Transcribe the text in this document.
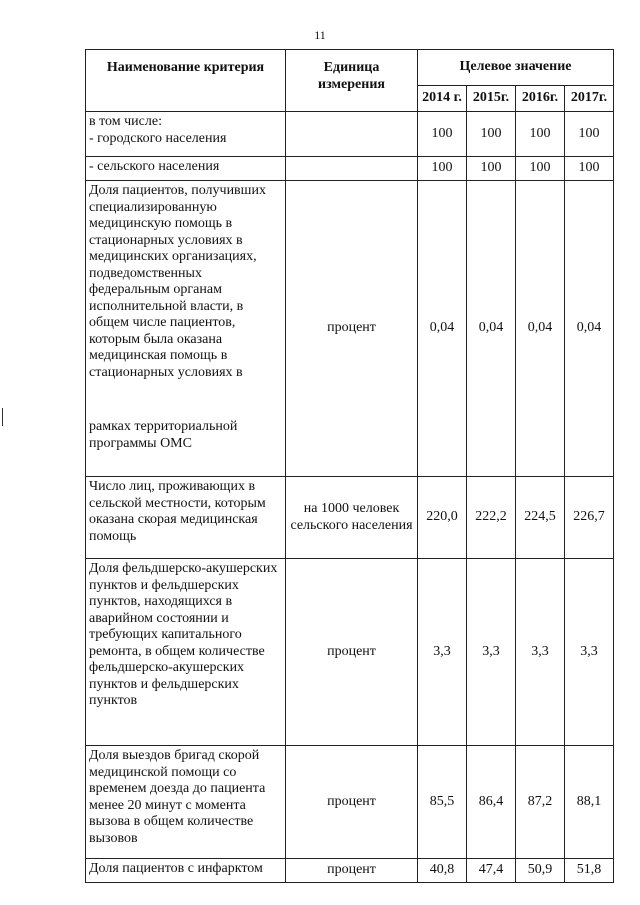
11
Наименование критерия	Единица измерения	Целевое значение			
		2014 г.	2015г.	2016г.	2017г.
в том числе:
- городского населения		100	100	100	100
- сельского населения		100	100	100	100

Доля пациентов, получивших специализированную медицинскую помощь в стационарных условиях в медицинских организациях, подведомственных федеральным органам исполнительной власти, в общем числе пациентов, которым была оказана медицинская помощь в стационарных условиях в
рамках территориальной программы ОМС	процент	0,04	0,04	0,04	0,04
Число лиц, проживающих в сельской местности, которым оказана скорая медицинская помощь	на 1000 человек сельского населения	220,0	222,2	224,5	226,7
Доля фельдшерско-акушерских пунктов и фельдшерских пунктов, находящихся в аварийном состоянии и требующих капитального ремонта, в общем количестве фельдшерско-акушерских пунктов и фельдшерских пунктов	процент	3,3	3,3	3,3	3,3
Доля выездов бригад скорой медицинской помощи со временем доезда до пациента менее 20 минут с момента вызова в общем количестве вызовов	процент	85,5	86,4	87,2	88,1
Доля пациентов с инфарктом	процент	40,8	47,4	50,9	51,8
